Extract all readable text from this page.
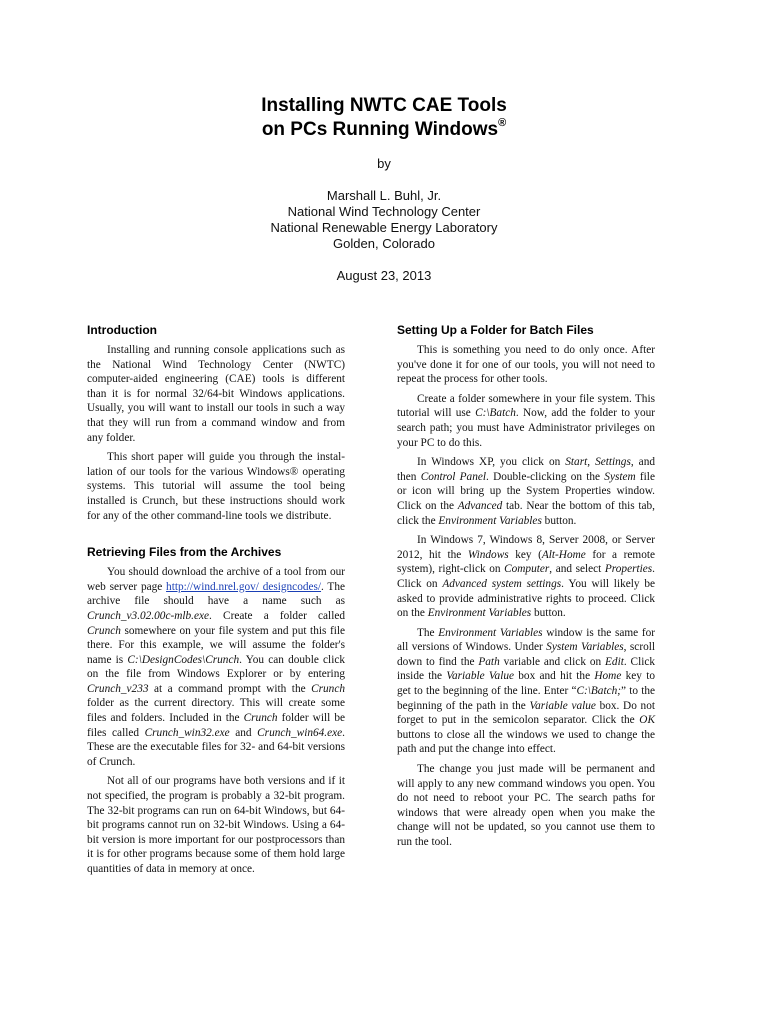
Installing NWTC CAE Tools
on PCs Running Windows®
by
Marshall L. Buhl, Jr.
National Wind Technology Center
National Renewable Energy Laboratory
Golden, Colorado
August 23, 2013
Introduction

Installing and running console applications such as the National Wind Technology Center (NWTC) computer-aided engineering (CAE) tools is different than it is for normal 32/64-bit Windows applications. Usually, you will want to install our tools in such a way that they will run from a command window and from any folder.

This short paper will guide you through the installation of our tools for the various Windows® operating systems. This tutorial will assume the tool being installed is Crunch, but these instructions should work for any of the other command-line tools we distribute.

Retrieving Files from the Archives

You should download the archive of a tool from our web server page http://wind.nrel.gov/ designcodes/. The archive file should have a name such as Crunch_v3.02.00c-mlb.exe. Create a folder called Crunch somewhere on your file system and put this file there. For this example, we will assume the folder's name is C:\DesignCodes\Crunch. You can double click on the file from Windows Explorer or by entering Crunch_v233 at a command prompt with the Crunch folder as the current directory. This will create some files and folders. Included in the Crunch folder will be files called Crunch_win32.exe and Crunch_win64.exe. These are the executable files for 32- and 64-bit versions of Crunch.

Not all of our programs have both versions and if it not specified, the program is probably a 32-bit program. The 32-bit programs can run on 64-bit Windows, but 64-bit programs cannot run on 32-bit Windows. Using a 64-bit version is more important for our postprocessors than it is for other programs because some of them hold large quantities of data in memory at once.

Setting Up a Folder for Batch Files

This is something you need to do only once. After you've done it for one of our tools, you will not need to repeat the process for other tools.

Create a folder somewhere in your file system. This tutorial will use C:\Batch. Now, add the folder to your search path; you must have Administrator privileges on your PC to do this.

In Windows XP, you click on Start, Settings, and then Control Panel. Double-clicking on the System file or icon will bring up the System Properties window. Click on the Advanced tab. Near the bottom of this tab, click the Environment Variables button.

In Windows 7, Windows 8, Server 2008, or Server 2012, hit the Windows key (Alt-Home for a remote system), right-click on Computer, and select Properties. Click on Advanced system settings. You will likely be asked to provide administrative rights to proceed. Click on the Environment Variables button.

The Environment Variables window is the same for all versions of Windows. Under System Variables, scroll down to find the Path variable and click on Edit. Click inside the Variable Value box and hit the Home key to get to the beginning of the line. Enter “C:\Batch;” to the beginning of the path in the Variable value box. Do not forget to put in the semicolon separator. Click the OK buttons to close all the windows we used to change the path and put the change into effect.

The change you just made will be permanent and will apply to any new command windows you open. You do not need to reboot your PC. The search paths for windows that were already open when you make the change will not be updated, so you cannot use them to run the tool.
